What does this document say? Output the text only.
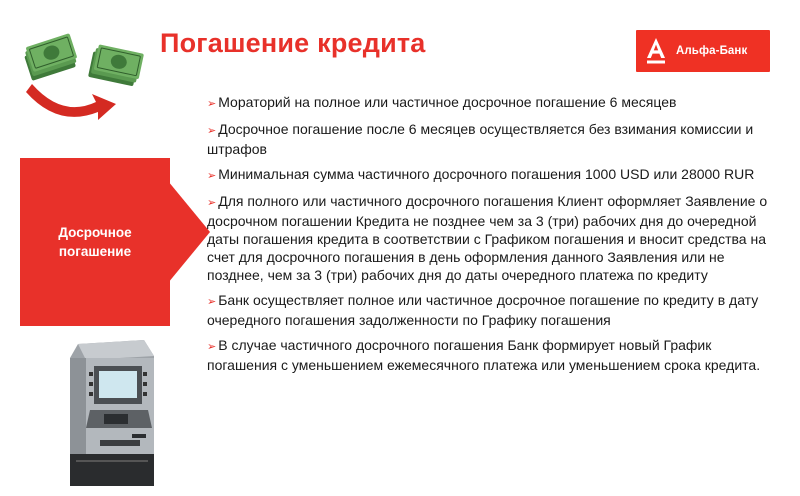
Погашение кредита	Альфа-Банк
Досрочное
погашение
➢ Мораторий на полное или частичное досрочное погашение 6 месяцев
➢ Досрочное погашение после 6 месяцев осуществляется без взимания комиссии и штрафов
➢ Минимальная сумма частичного досрочного погашения 1000 USD или 28000 RUR
➢ Для полного или частичного досрочного погашения Клиент оформляет Заявление о досрочном погашении Кредита не позднее чем за 3 (три) рабочих дня до очередной даты погашения кредита в соответствии с Графиком погашения и вносит средства на счет для досрочного погашения в день оформления данного Заявления или не позднее, чем за 3 (три) рабочих дня до даты очередного платежа по кредиту
➢ Банк осуществляет полное или частичное досрочное погашение по кредиту в дату очередного погашения задолженности по Графику погашения
➢ В случае частичного досрочного погашения Банк формирует новый График погашения с уменьшением ежемесячного платежа или уменьшением срока кредита.
